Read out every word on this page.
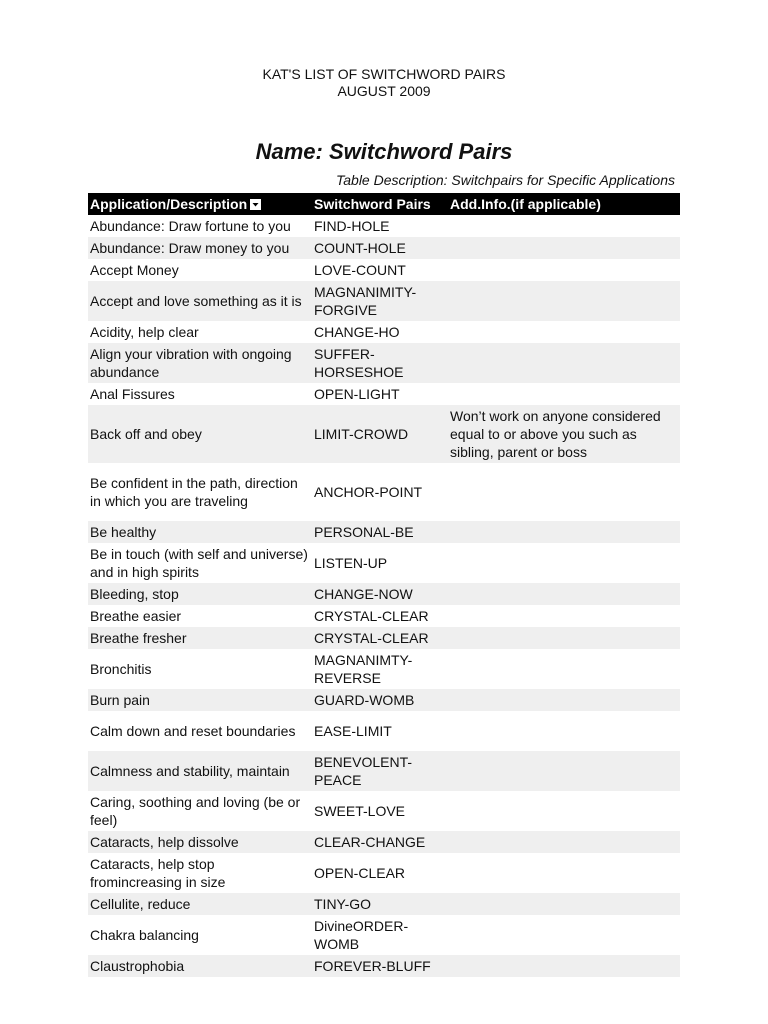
KAT'S LIST OF SWITCHWORD PAIRS
AUGUST 2009
Name: Switchword Pairs
Table Description: Switchpairs for Specific Applications
Application/Description	Switchword Pairs	Add.Info.(if applicable)
Abundance: Draw fortune to you	FIND-HOLE	
Abundance: Draw money to you	COUNT-HOLE	
Accept Money	LOVE-COUNT	
Accept and love something as it is	MAGNANIMITY-FORGIVE	
Acidity, help clear	CHANGE-HO	
Align your vibration with ongoing abundance	SUFFER-HORSESHOE	
Anal Fissures	OPEN-LIGHT	
Back off and obey	LIMIT-CROWD	Won’t work on anyone considered equal to or above you such as sibling, parent or boss
Be confident in the path, direction in which you are traveling	ANCHOR-POINT	
Be healthy	PERSONAL-BE	
Be in touch (with self and universe) and in high spirits	LISTEN-UP	
Bleeding, stop	CHANGE-NOW	
Breathe easier	CRYSTAL-CLEAR	
Breathe fresher	CRYSTAL-CLEAR	
Bronchitis	MAGNANIMTY-REVERSE	
Burn pain	GUARD-WOMB	
Calm down and reset boundaries	EASE-LIMIT	
Calmness and stability, maintain	BENEVOLENT-PEACE	
Caring, soothing and loving (be or feel)	SWEET-LOVE	
Cataracts, help dissolve	CLEAR-CHANGE	
Cataracts, help stop fromincreasing in size	OPEN-CLEAR	
Cellulite, reduce	TINY-GO	
Chakra balancing	DivineORDER-WOMB	
Claustrophobia	FOREVER-BLUFF	
